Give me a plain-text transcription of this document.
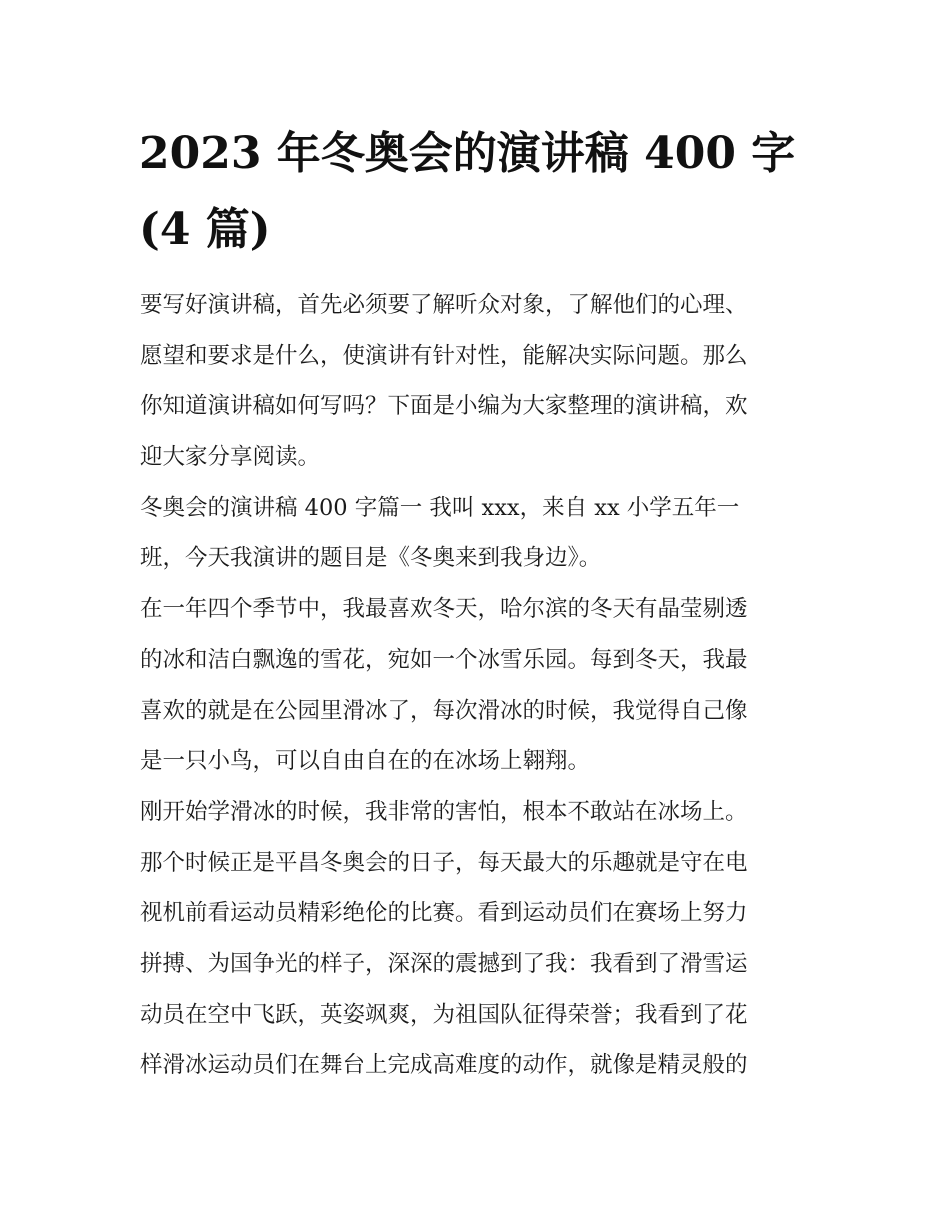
2023 年冬奥会的演讲稿 400 字
(4 篇)
要写好演讲稿，首先必须要了解听众对象，了解他们的心理、
愿望和要求是什么，使演讲有针对性，能解决实际问题。那么
你知道演讲稿如何写吗？下面是小编为大家整理的演讲稿，欢
迎大家分享阅读。
冬奥会的演讲稿 400 字篇一 我叫 xxx，来自 xx 小学五年一
班，今天我演讲的题目是《冬奥来到我身边》。
在一年四个季节中，我最喜欢冬天，哈尔滨的冬天有晶莹剔透
的冰和洁白飘逸的雪花，宛如一个冰雪乐园。每到冬天，我最
喜欢的就是在公园里滑冰了，每次滑冰的时候，我觉得自己像
是一只小鸟，可以自由自在的在冰场上翱翔。
刚开始学滑冰的时候，我非常的害怕，根本不敢站在冰场上。
那个时候正是平昌冬奥会的日子，每天最大的乐趣就是守在电
视机前看运动员精彩绝伦的比赛。看到运动员们在赛场上努力
拼搏、为国争光的样子，深深的震撼到了我：我看到了滑雪运
动员在空中飞跃，英姿飒爽，为祖国队征得荣誉；我看到了花
样滑冰运动员们在舞台上完成高难度的动作，就像是精灵般的
